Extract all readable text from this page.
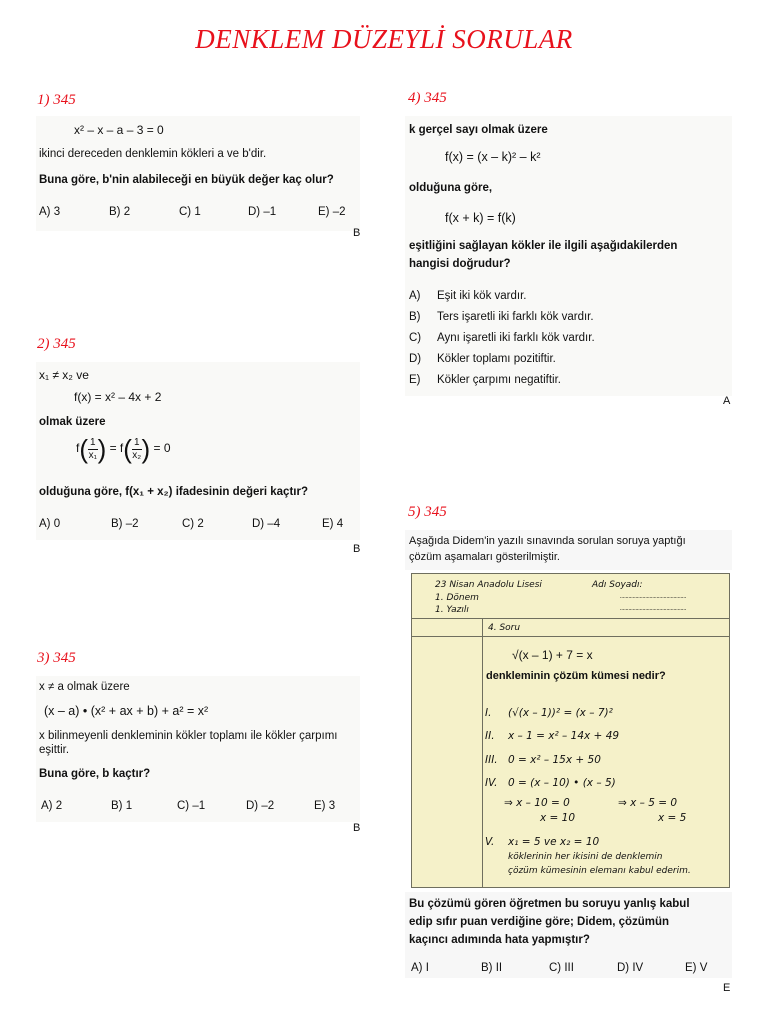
DENKLEM DÜZEYLİ SORULAR
1) 345
x² – x – a – 3 = 0
ikinci dereceden denklemin kökleri a ve b'dir.
Buna göre, b'nin alabileceği en büyük değer kaç olur?
A) 3	B) 2	C) 1	D) –1	E) –2
B
2) 345
x₁ ≠ x₂ ve
f(x) = x² – 4x + 2
olmak üzere
$f( \frac{1}{\text{x₁}}$ ) = $f( \frac{1}{\text{x₂}}$ ) = 0
olduğuna göre, f(x₁ + x₂) ifadesinin değeri kaçtır?
A) 0	B) –2	C) 2	D) –4	E) 4
B
3) 345
x ≠ a olmak üzere
(x – a) • (x² + ax + b) + a² = x²
x bilinmeyenli denkleminin kökler toplamı ile kökler çarpımı
eşittir.
Buna göre, b kaçtır?
A) 2	B) 1	C) –1	D) –2	E) 3
B
4) 345
k gerçel sayı olmak üzere
f(x) = (x – k)² – k²
olduğuna göre,
f(x + k) = f(k)
eşitliğini sağlayan kökler ile ilgili aşağıdakilerden
hangisi doğrudur?
A) Eşit iki kök vardır.
B) Ters işaretli iki farklı kök vardır.
C) Aynı işaretli iki farklı kök vardır.
D) Kökler toplamı pozitiftir.
E) Kökler çarpımı negatiftir.
A
5) 345
Aşağıda Didem'in yazılı sınavında sorulan soruya yaptığı
çözüm aşamaları gösterilmiştir.
23 Nisan Anadolu Lisesi
1. Dönem
1. Yazılı
Adı Soyadı:
...............................................
...............................................
4. Soru
√(x – 1) + 7 = x
denkleminin çözüm kümesi nedir?
I. (√(x – 1))² = (x – 7)²
II. x – 1 = x² – 14x + 49
III. 0 = x² – 15x + 50
IV. 0 = (x – 10) • (x – 5)
⇒ x – 10 = 0
x = 10
⇒ x – 5 = 0
x = 5
V. x₁ = 5 ve x₂ = 10
köklerinin her ikisini de denklemin
çözüm kümesinin elemanı kabul ederim.
Bu çözümü gören öğretmen bu soruyu yanlış kabul
edip sıfır puan verdiğine göre; Didem, çözümün
kaçıncı adımında hata yapmıştır?
A) I	B) II	C) III	D) IV	E) V
E
